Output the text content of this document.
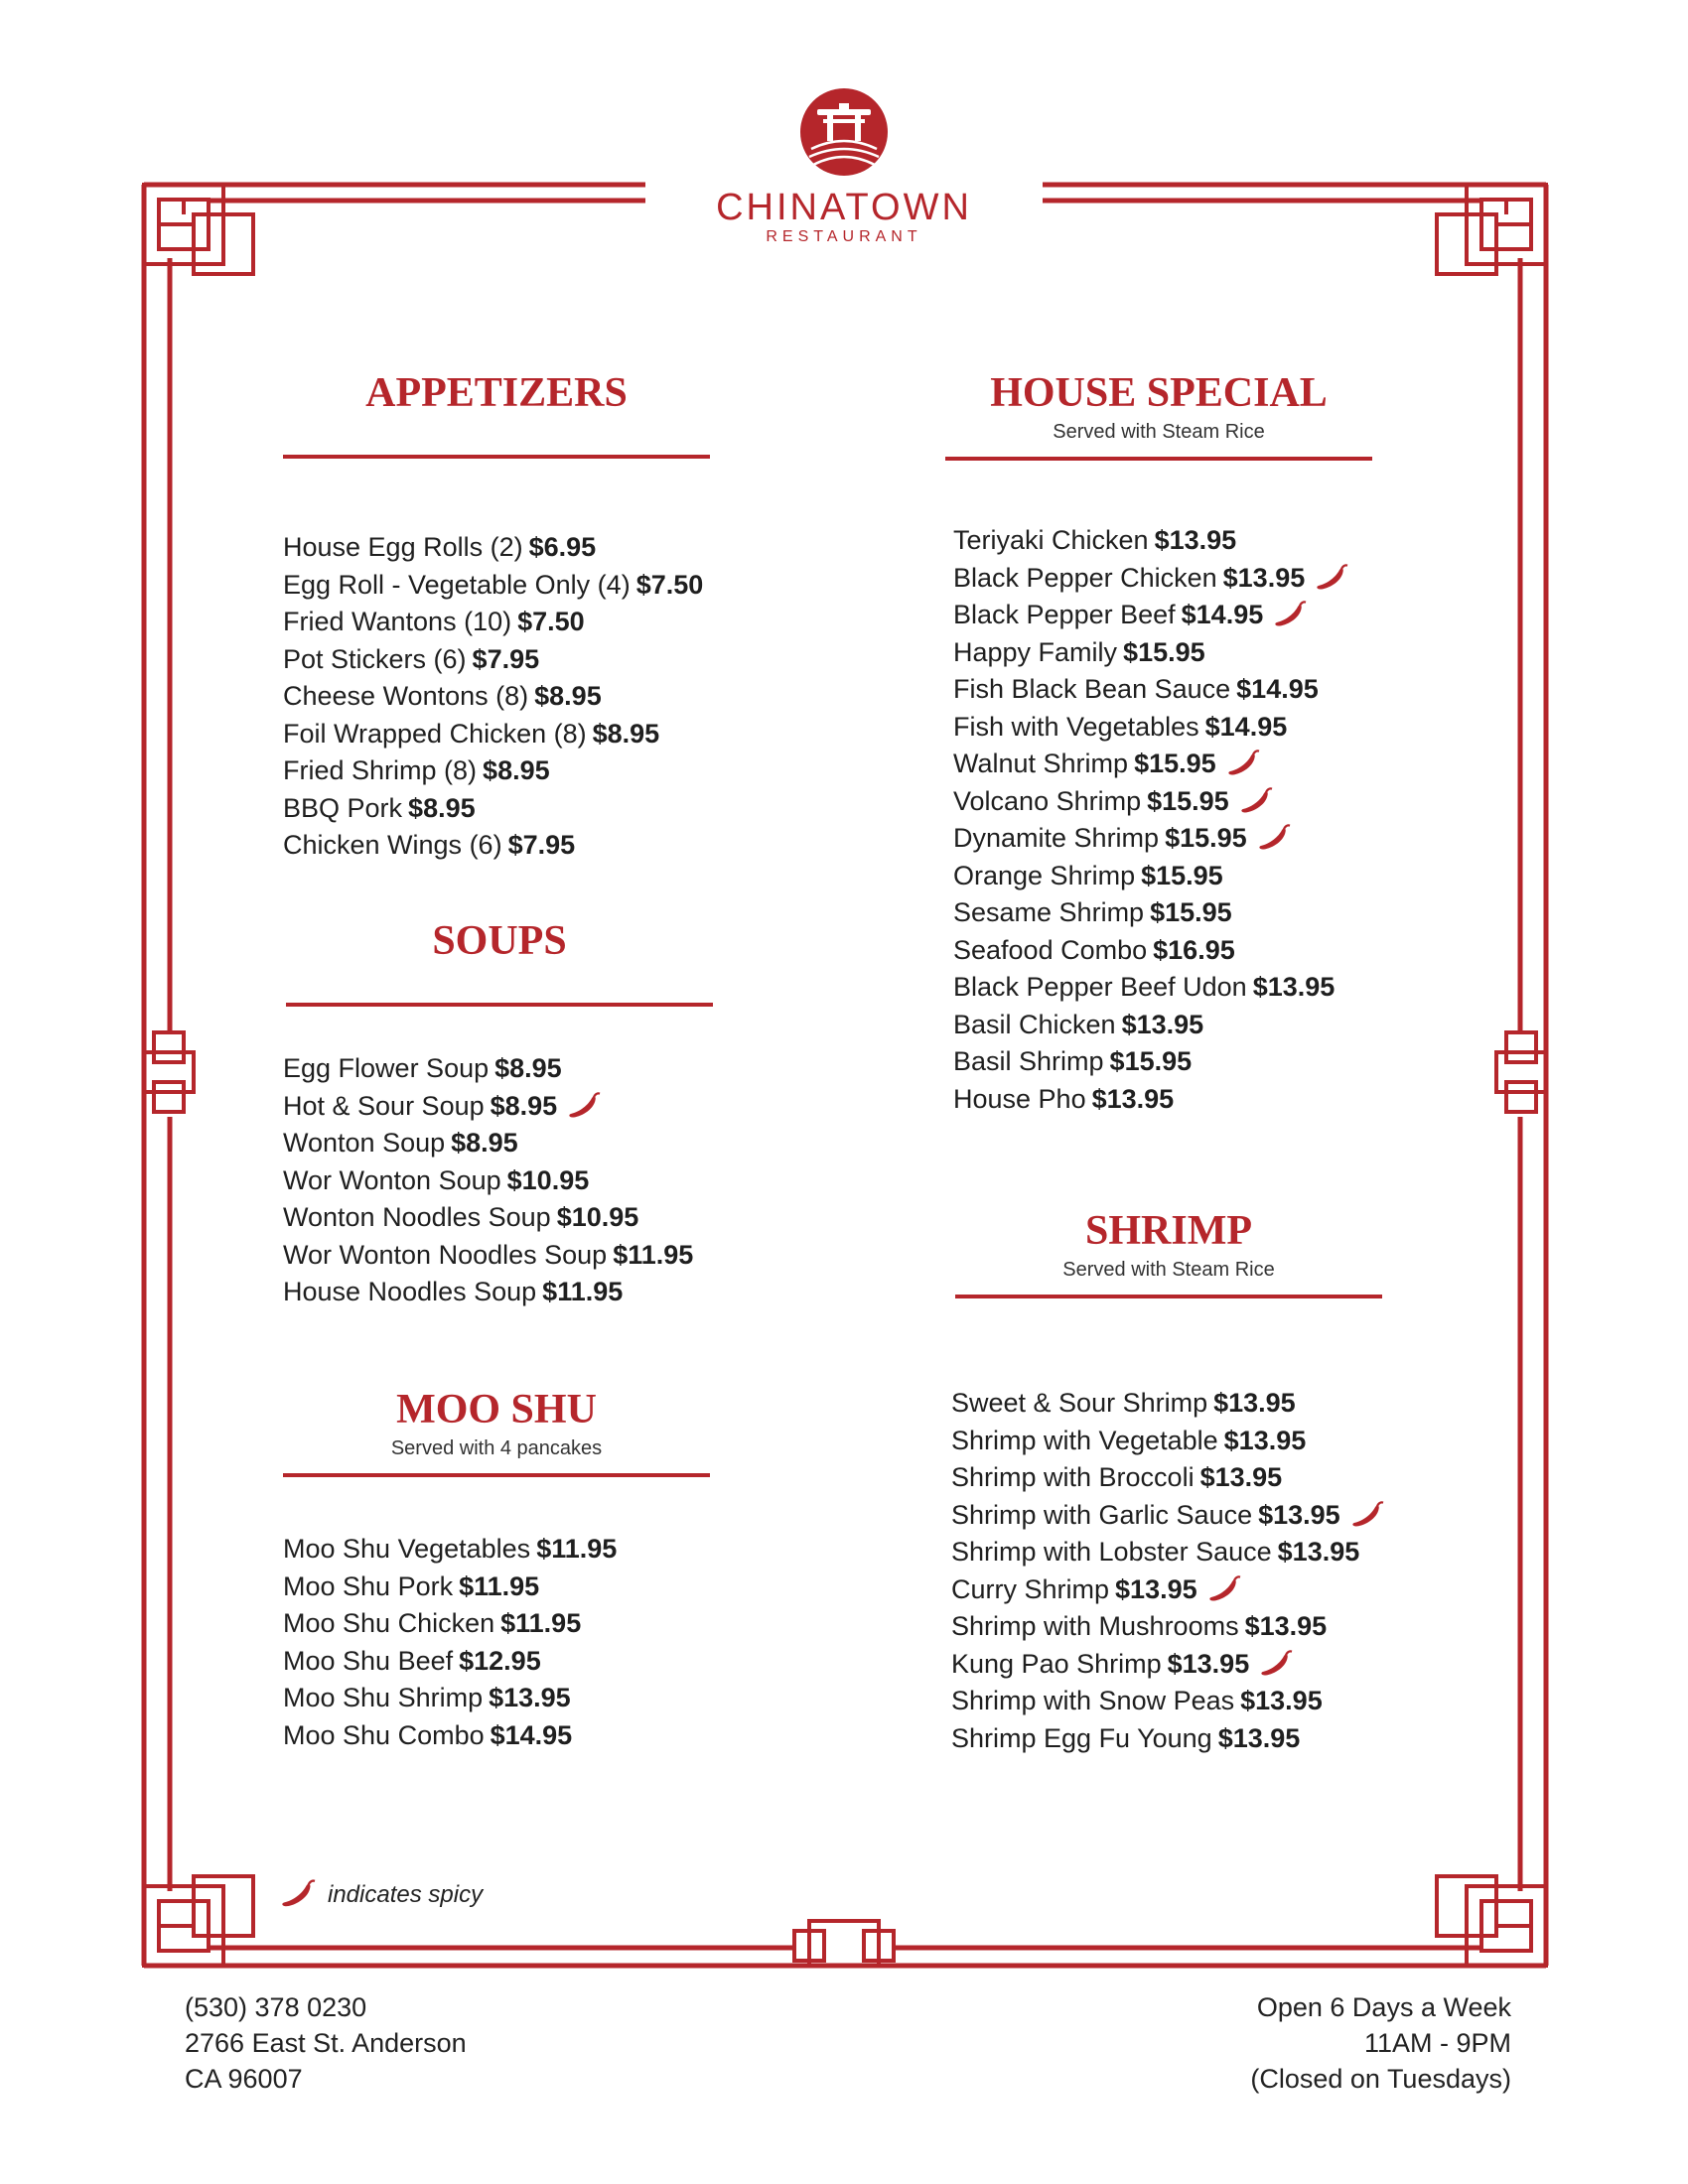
CHINATOWN
RESTAURANT
APPETIZERS
House Egg Rolls (2) $6.95
Egg Roll - Vegetable Only (4) $7.50
Fried Wantons (10) $7.50
Pot Stickers (6) $7.95
Cheese Wontons (8) $8.95
Foil Wrapped Chicken (8) $8.95
Fried Shrimp (8) $8.95
BBQ Pork $8.95
Chicken Wings (6) $7.95
SOUPS
Egg Flower Soup $8.95
Hot & Sour Soup $8.95
Wonton Soup $8.95
Wor Wonton Soup $10.95
Wonton Noodles Soup $10.95
Wor Wonton Noodles Soup $11.95
House Noodles Soup $11.95
MOO SHU
Served with 4 pancakes
Moo Shu Vegetables $11.95
Moo Shu Pork $11.95
Moo Shu Chicken $11.95
Moo Shu Beef $12.95
Moo Shu Shrimp $13.95
Moo Shu Combo $14.95
HOUSE SPECIAL
Served with Steam Rice
Teriyaki Chicken $13.95
Black Pepper Chicken $13.95
Black Pepper Beef $14.95
Happy Family $15.95
Fish Black Bean Sauce $14.95
Fish with Vegetables $14.95
Walnut Shrimp $15.95
Volcano Shrimp $15.95
Dynamite Shrimp $15.95
Orange Shrimp $15.95
Sesame Shrimp $15.95
Seafood Combo $16.95
Black Pepper Beef Udon $13.95
Basil Chicken $13.95
Basil Shrimp $15.95
House Pho $13.95
SHRIMP
Served with Steam Rice
Sweet & Sour Shrimp $13.95
Shrimp with Vegetable $13.95
Shrimp with Broccoli $13.95
Shrimp with Garlic Sauce $13.95
Shrimp with Lobster Sauce $13.95
Curry Shrimp $13.95
Shrimp with Mushrooms $13.95
Kung Pao Shrimp $13.95
Shrimp with Snow Peas $13.95
Shrimp Egg Fu Young $13.95
indicates spicy
(530) 378 0230
2766 East St. Anderson
CA 96007
Open 6 Days a Week
11AM - 9PM
(Closed on Tuesdays)
